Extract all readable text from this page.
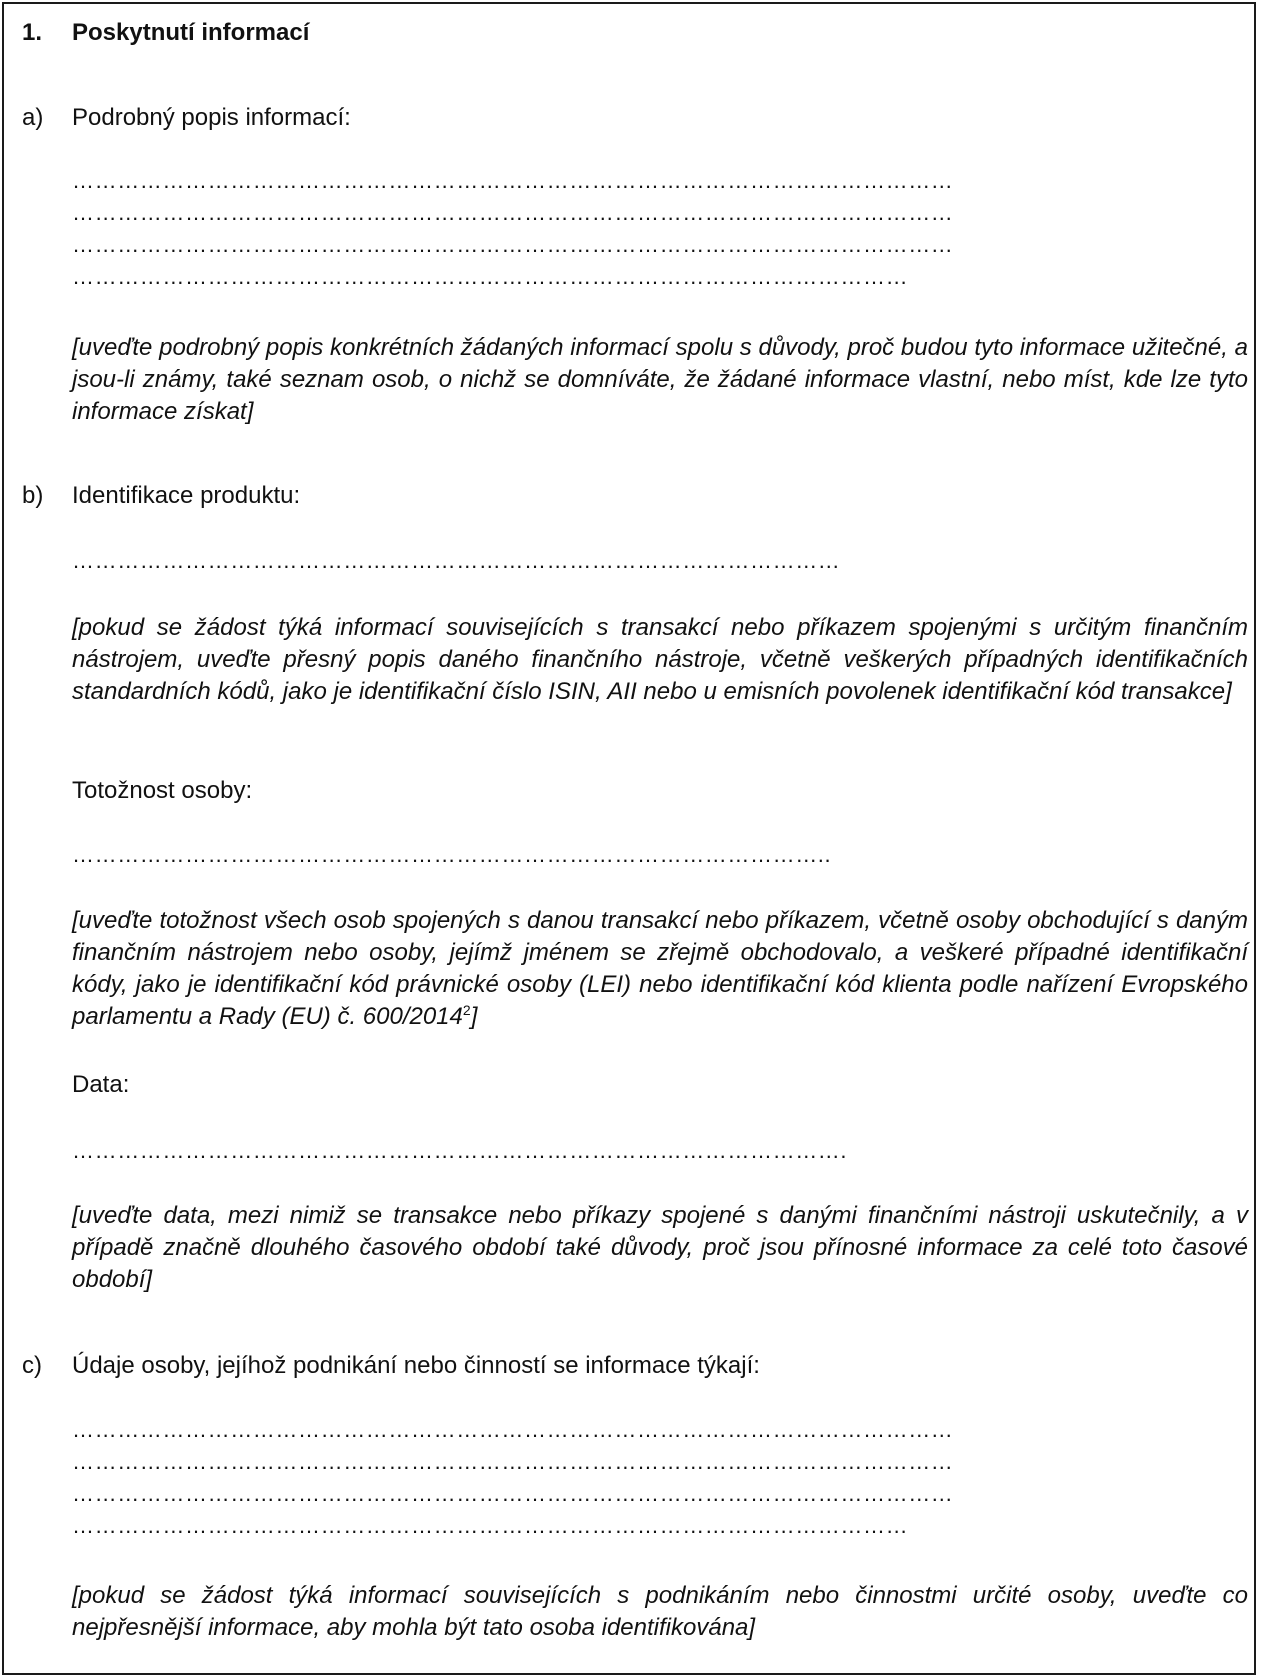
1. Poskytnutí informací
a) Podrobný popis informací:
………………………………………………………………………………………………………
………………………………………………………………………………………………………
………………………………………………………………………………………………………
…………………………………………………………………………………………………
[uveďte podrobný popis konkrétních žádaných informací spolu s důvody, proč budou tyto informace užitečné, a jsou-li známy, také seznam osob, o nichž se domníváte, že žádané informace vlastní, nebo míst, kde lze tyto informace získat]
b) Identifikace produktu:
…………………………………………………………………………………………
[pokud se žádost týká informací souvisejících s transakcí nebo příkazem spojenými s určitým finančním nástrojem, uveďte přesný popis daného finančního nástroje, včetně veškerých případných identifikačních standardních kódů, jako je identifikační číslo ISIN, AII nebo u emisních povolenek identifikační kód transakce]
Totožnost osoby:
………………………………………………………………………………………..
[uveďte totožnost všech osob spojených s danou transakcí nebo příkazem, včetně osoby obchodující s daným finančním nástrojem nebo osoby, jejímž jménem se zřejmě obchodovalo, a veškeré případné identifikační kódy, jako je identifikační kód právnické osoby (LEI) nebo identifikační kód klienta podle nařízení Evropského parlamentu a Rady (EU) č. 600/2014$^2$]
Data:
………………………………………………………………………………………….
[uveďte data, mezi nimiž se transakce nebo příkazy spojené s danými finančními nástroji uskutečnily, a v případě značně dlouhého časového období také důvody, proč jsou přínosné informace za celé toto časové období]
c) Údaje osoby, jejíhož podnikání nebo činností se informace týkají:
………………………………………………………………………………………………………
………………………………………………………………………………………………………
………………………………………………………………………………………………………
…………………………………………………………………………………………………
[pokud se žádost týká informací souvisejících s podnikáním nebo činnostmi určité osoby, uveďte co nejpřesnější informace, aby mohla být tato osoba identifikována]
